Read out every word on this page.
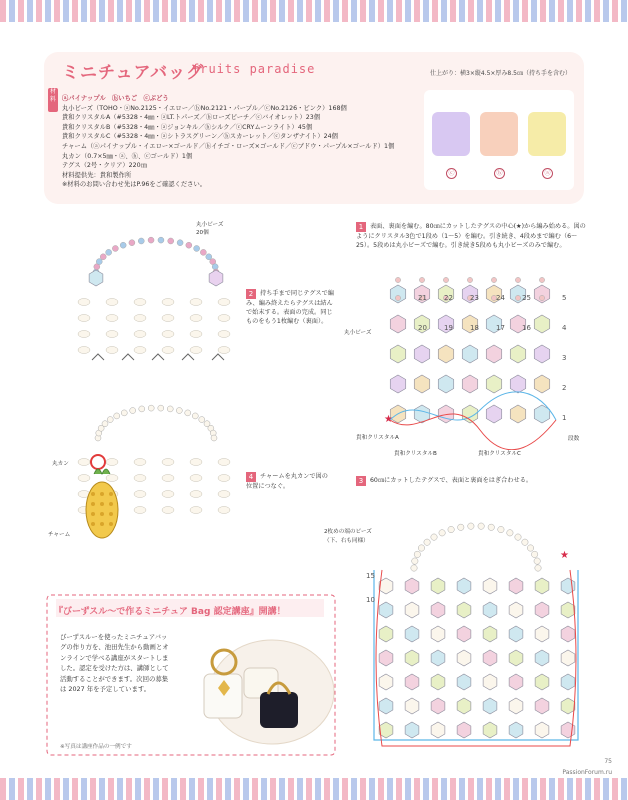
ミニチュアバッグ
fruits paradise	仕上がり：横3×縦4.5×厚み8.5㎝（持ち手を含む）
材料 ⓐパイナップル　ⓑいちご　ⓒぶどう
丸小ビーズ（TOHO・ⓐNo.2125・イエロー／ⓑNo.2121・パープル／ⓒNo.2126・ピンク）168個
貴和クリスタルA（#5328・4㎜・ⓐLT.トパーズ／ⓑローズピーチ／ⓒバイオレット）23個
貴和クリスタルB（#5328・4㎜・ⓐジョンキル／ⓑシルク／ⓒCRYムーンライト）45個
貴和クリスタルC（#5328・4㎜・ⓐシトラスグリーン／ⓑスカーレット／ⓒタンザナイト）24個
チャーム（ⓐパイナップル・イエロー×ゴールド／ⓑイチゴ・ローズ×ゴールド／ⓒブドウ・パープル×ゴールド）1個
丸カン（0.7×5㎜・ⓐ、ⓑ、ⓒゴールド）1個
テグス（2号・クリア）220㎝
材料提供先：貴和製作所
※材料のお問い合わせ先はP.96をご確認ください。
ⓒ	ⓑ	ⓐ
丸小ビーズ
20個
2 持ち手まで同じテグスで編み、編み終えたらテグスは結んで始末する。表面の完成。同じものをもう1枚編む（裏面）。
丸カン
チャーム
4 チャームを丸カンで図の位置につなぐ。
1 表面、裏面を編む。80㎝にカットしたテグスの中心(★)から編み始める。図のようにクリスタル3色で1段め（1〜5）を編む。引き続き、4段めまで編む（6〜25）。5段めは丸小ビーズで編む。引き続き5段めも丸小ビーズのみで編む。
21 22 23 24 25
20 19 18 17 16
5
4
3
2
1
★
丸小ビーズ
貴和クリスタルA
貴和クリスタルB	貴和クリスタルC
段数
3 60㎝にカットしたテグスで、表面と裏面をはぎ合わせる。
15
10
★
2枚めの端のビーズ
（下、右も同様）
『びーずスル〜で作るミニチュア Bag 認定講座』開講！
びーずスルーを使ったミニチュアバッグの作り方を、池田先生から動画とオンラインで学べる講座がスタートしました。認定を受けた方は、講師として活動することができます。次回の募集は 2027 年を予定しています。
※写真は講座作品の一例です
75
PassionForum.ru
